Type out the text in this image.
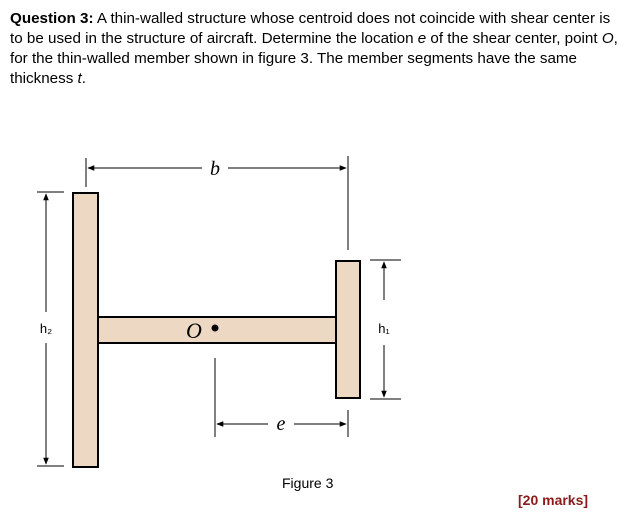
Question 3: A thin-walled structure whose centroid does not coincide with shear center is to be used in the structure of aircraft. Determine the location e of the shear center, point O, for the thin-walled member shown in figure 3. The member segments have the same thickness t.

b
h₂	h₁
O
e

Figure 3

[20 marks]
